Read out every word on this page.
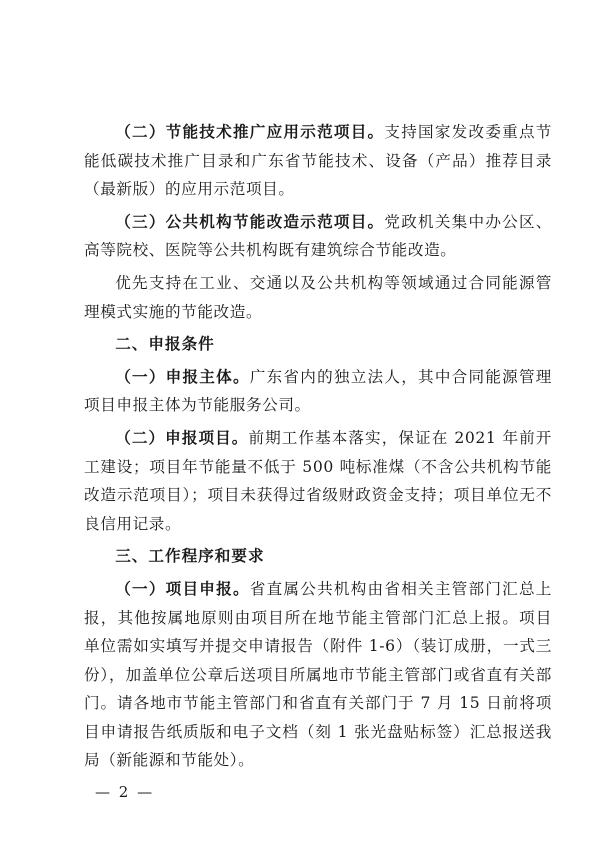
（二）节能技术推广应用示范项目。支持国家发改委重点节能低碳技术推广目录和广东省节能技术、设备（产品）推荐目录（最新版）的应用示范项目。

（三）公共机构节能改造示范项目。党政机关集中办公区、高等院校、医院等公共机构既有建筑综合节能改造。

优先支持在工业、交通以及公共机构等领域通过合同能源管理模式实施的节能改造。

二、申报条件

（一）申报主体。广东省内的独立法人，其中合同能源管理项目申报主体为节能服务公司。

（二）申报项目。前期工作基本落实，保证在 2021 年前开工建设；项目年节能量不低于 500 吨标准煤（不含公共机构节能改造示范项目）；项目未获得过省级财政资金支持；项目单位无不良信用记录。

三、工作程序和要求

（一）项目申报。省直属公共机构由省相关主管部门汇总上报，其他按属地原则由项目所在地节能主管部门汇总上报。项目单位需如实填写并提交申请报告（附件 1-6）（装订成册，一式三份），加盖单位公章后送项目所属地市节能主管部门或省直有关部门。请各地市节能主管部门和省直有关部门于 7 月 15 日前将项目申请报告纸质版和电子文档（刻 1 张光盘贴标签）汇总报送我局（新能源和节能处）。

— 2 —
